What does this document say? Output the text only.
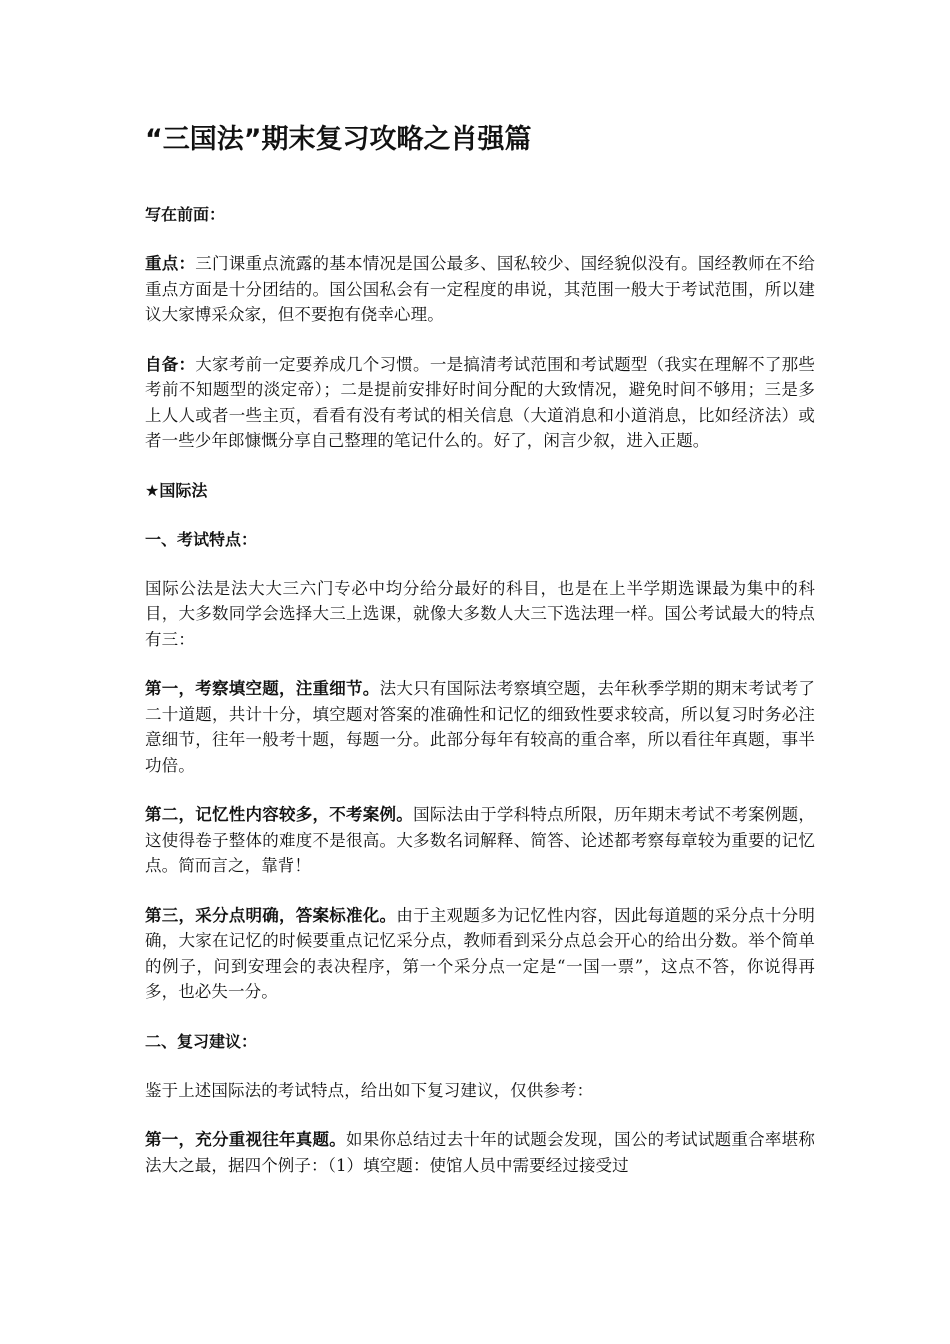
“三国法”期末复习攻略之肖强篇
写在前面：

重点：三门课重点流露的基本情况是国公最多、国私较少、国经貌似没有。国经教师在不给重点方面是十分团结的。国公国私会有一定程度的串说，其范围一般大于考试范围，所以建议大家博采众家，但不要抱有侥幸心理。

自备：大家考前一定要养成几个习惯。一是搞清考试范围和考试题型（我实在理解不了那些考前不知题型的淡定帝）；二是提前安排好时间分配的大致情况，避免时间不够用；三是多上人人或者一些主页，看看有没有考试的相关信息（大道消息和小道消息，比如经济法）或者一些少年郎慷慨分享自己整理的笔记什么的。好了，闲言少叙，进入正题。

★国际法
一、考试特点：

国际公法是法大大三六门专必中均分给分最好的科目，也是在上半学期选课最为集中的科目，大多数同学会选择大三上选课，就像大多数人大三下选法理一样。国公考试最大的特点有三：

第一，考察填空题，注重细节。法大只有国际法考察填空题，去年秋季学期的期末考试考了二十道题，共计十分，填空题对答案的准确性和记忆的细致性要求较高，所以复习时务必注意细节，往年一般考十题，每题一分。此部分每年有较高的重合率，所以看往年真题，事半功倍。

第二，记忆性内容较多，不考案例。国际法由于学科特点所限，历年期末考试不考案例题，这使得卷子整体的难度不是很高。大多数名词解释、简答、论述都考察每章较为重要的记忆点。简而言之，靠背！

第三，采分点明确，答案标准化。由于主观题多为记忆性内容，因此每道题的采分点十分明确，大家在记忆的时候要重点记忆采分点，教师看到采分点总会开心的给出分数。举个简单的例子，问到安理会的表决程序，第一个采分点一定是“一国一票”，这点不答，你说得再多，也必失一分。

二、复习建议：

鉴于上述国际法的考试特点，给出如下复习建议，仅供参考：

第一，充分重视往年真题。如果你总结过去十年的试题会发现，国公的考试试题重合率堪称法大之最，据四个例子：（1）填空题：使馆人员中需要经过接受过
